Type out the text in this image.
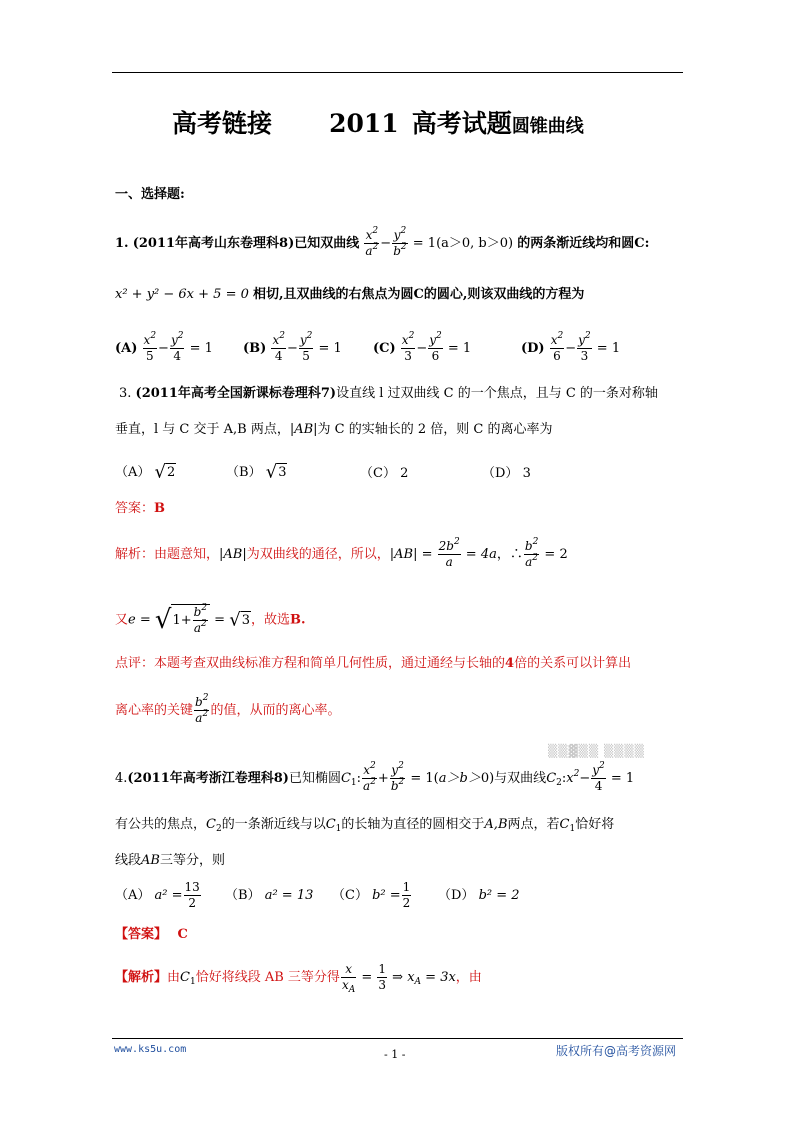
高考链接 2011 高考试题圆锥曲线
一、选择题:
1. (2011年高考山东卷理科8)已知双曲线 $\frac{x^2}{a^2} - \frac{y^2}{b^2} = 1(a>0$, b＞0) 的两条渐近线均和圆C:
x² + y² − 6x + 5 = 0 相切,且双曲线的右焦点为圆C的圆心,则该双曲线的方程为
$(A) \frac{x^2}{5} - \frac{y^2}{4} = 1$ $(B) \frac{x^2}{4} - \frac{y^2}{5} = 1$ $(C) \frac{x^2}{3} - \frac{y^2}{6} = 1$	$(D) \frac{x^2}{6} - \frac{y^2}{3} = 1$
3. (2011年高考全国新课标卷理科7)设直线 l 过双曲线 C 的一个焦点，且与 C 的一条对称轴
垂直，l 与 C 交于 A,B 两点，|AB|为 C 的实轴长的 2 倍，则 C 的离心率为
（A） √2	（B） √3	（C） 2	（D） 3
答案：B
解析：由题意知，|AB|为双曲线的通径，所以，$|AB| = \frac{2b^2}{a} = 4a$，∴ $\frac{b^2}{a^2} = 2$
又$e = √1+ \frac{b^2}{a^2} = √3$，故选B.
点评：本题考查双曲线标准方程和简单几何性质，通过通经与长轴的4倍的关系可以计算出
离心率的关键 $\frac{b^2}{a^2}$ 的值，从而的离心率。
▒▒▓▒▒ ▒▒▒▒
4.(2011年高考浙江卷理科8)已知椭圆$C_1$: $\frac{x^2}{a^2} + \frac{y^2}{b^2} = 1(a>b>0)$与双曲线$C_2:x^2- \frac{y^2}{4} = 1$
有公共的焦点，$C_2$的一条渐近线与以$C_1$的长轴为直径的圆相交于A,B两点，若$C_1$恰好将
线段AB三等分，则
（A） $a^2 = \frac{13}{2} (B) a^2 = 13$ （C） $b^2 = \frac{1}{2} (D) b^2 = 2$
【答案】 C
【解析】由$C_1$恰好将线段 AB 三等分得 $\frac{x}{x_A} = \frac{1}{3}$ ⇒ $x_A = 3x$，由
www.ks5u.com	- 1 -	版权所有@高考资源网
